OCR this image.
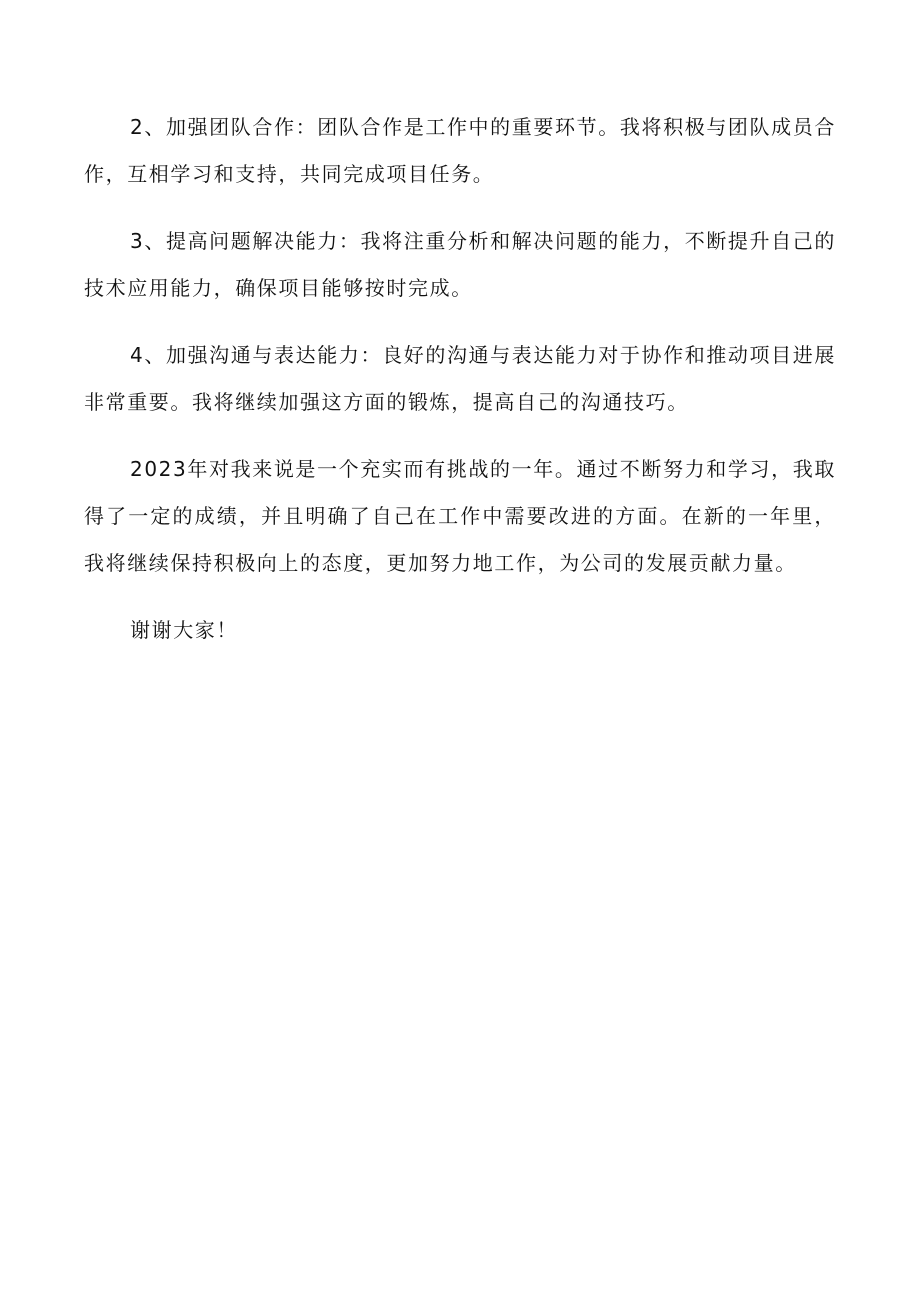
2、加强团队合作：团队合作是工作中的重要环节。我将积极与团队成员合作，互相学习和支持，共同完成项目任务。

3、提高问题解决能力：我将注重分析和解决问题的能力，不断提升自己的技术应用能力，确保项目能够按时完成。

4、加强沟通与表达能力：良好的沟通与表达能力对于协作和推动项目进展非常重要。我将继续加强这方面的锻炼，提高自己的沟通技巧。

2023年对我来说是一个充实而有挑战的一年。通过不断努力和学习，我取得了一定的成绩，并且明确了自己在工作中需要改进的方面。在新的一年里，我将继续保持积极向上的态度，更加努力地工作，为公司的发展贡献力量。

谢谢大家！
